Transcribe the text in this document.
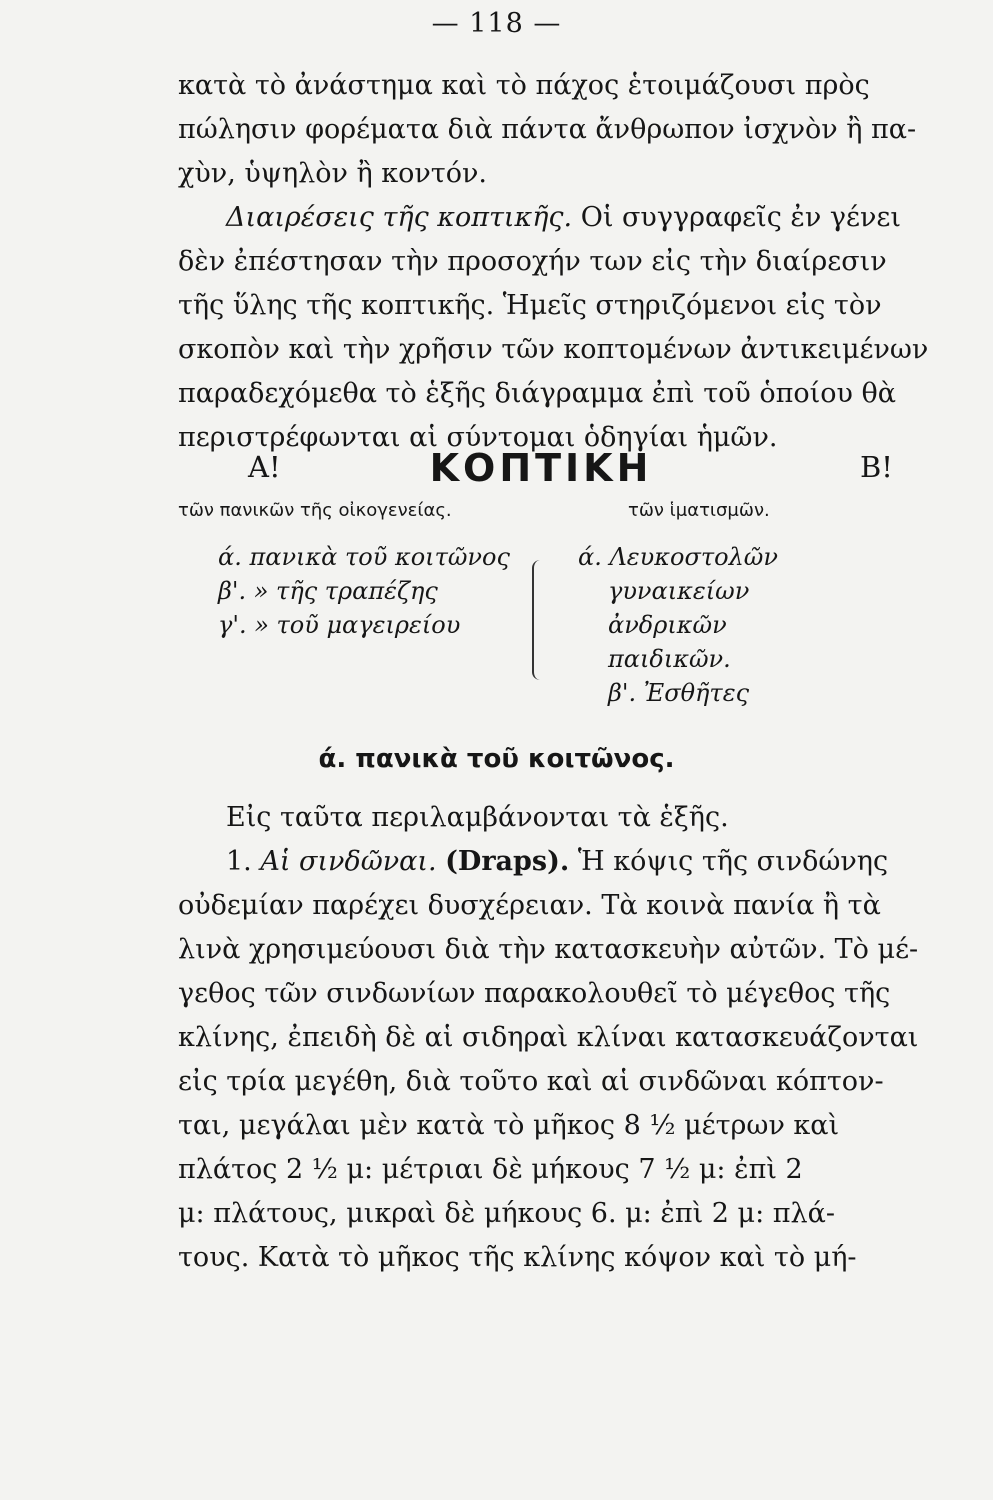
— 118 —
κατὰ τὸ ἀνάστημα καὶ τὸ πάχος ἑτοιμάζουσι πρὸς
πώλησιν φορέματα διὰ πάντα ἄνθρωπον ἰσχνὸν ἢ πα-
χὺν, ὑψηλὸν ἢ κοντόν.
Διαιρέσεις τῆς κοπτικῆς. Οἱ συγγραφεῖς ἐν γένει
δὲν ἐπέστησαν τὴν προσοχήν των εἰς τὴν διαίρεσιν
τῆς ὕλης τῆς κοπτικῆς. Ἡμεῖς στηριζόμενοι εἰς τὸν
σκοπὸν καὶ τὴν χρῆσιν τῶν κοπτομένων ἀντικειμένων
παραδεχόμεθα τὸ ἑξῆς διάγραμμα ἐπὶ τοῦ ὁποίου θὰ
περιστρέφωνται αἱ σύντομαι ὁδηγίαι ἡμῶν.
Α!	ΚΟΠΤΙΚΗ	Β!
τῶν πανικῶν τῆς οἰκογενείας.	τῶν ἱματισμῶν.
ά. πανικὰ τοῦ κοιτῶνος
β'. » τῆς τραπέζης
γ'. » τοῦ μαγειρείου
ά. Λευκοστολῶν
γυναικείων
ἀνδρικῶν
παιδικῶν.
β'. Ἐσθῆτες
ά. πανικὰ τοῦ κοιτῶνος.
Εἰς ταῦτα περιλαμβάνονται τὰ ἑξῆς.
1. Αἱ σινδῶναι. (Draps). Ἡ κόψις τῆς σινδώνης
οὐδεμίαν παρέχει δυσχέρειαν. Τὰ κοινὰ πανία ἢ τὰ
λινὰ χρησιμεύουσι διὰ τὴν κατασκευὴν αὐτῶν. Τὸ μέ-
γεθος τῶν σινδωνίων παρακολουθεῖ τὸ μέγεθος τῆς
κλίνης, ἐπειδὴ δὲ αἱ σιδηραὶ κλίναι κατασκευάζονται
εἰς τρία μεγέθη, διὰ τοῦτο καὶ αἱ σινδῶναι κόπτον-
ται, μεγάλαι μὲν κατὰ τὸ μῆκος 8 ½ μέτρων καὶ
πλάτος 2 ½ μ: μέτριαι δὲ μήκους 7 ½ μ: ἐπὶ 2
μ: πλάτους, μικραὶ δὲ μήκους 6. μ: ἐπὶ 2 μ: πλά-
τους. Κατὰ τὸ μῆκος τῆς κλίνης κόψον καὶ τὸ μή-
